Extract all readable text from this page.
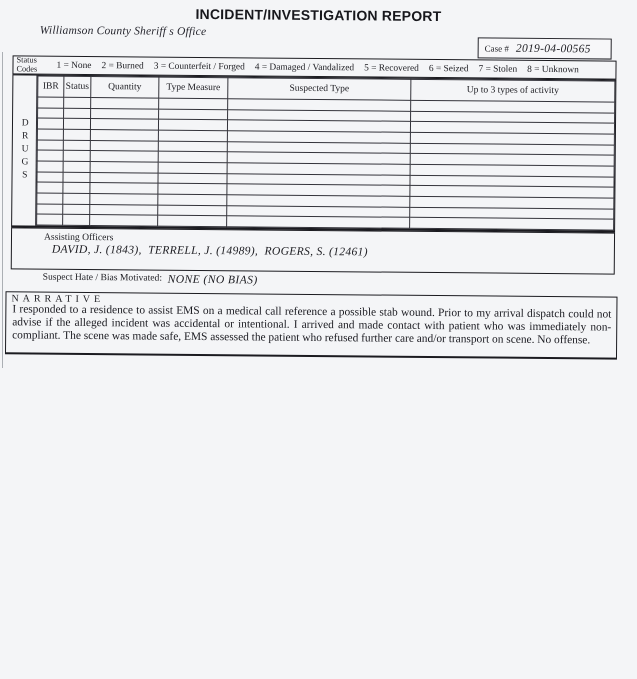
INCIDENT/INVESTIGATION REPORT
Williamson County Sheriff s Office
Case # 2019-04-00565
Status
Codes	1 = None 2 = Burned 3 = Counterfeit / Forged 4 = Damaged / Vandalized 5 = Recovered 6 = Seized 7 = Stolen 8 = Unknown
DRUGS
IBR	Status	Quantity	Type Measure	Suspected Type	Up to 3 types of activity

Assisting Officers
DAVID, J. (1843),  TERRELL, J. (14989),  ROGERS, S. (12461)
Suspect Hate / Bias Motivated: NONE (NO BIAS)
NARRATIVE
I responded to a residence to assist EMS on a medical call reference a possible stab wound. Prior to my arrival dispatch could not advise if the alleged incident was accidental or intentional. I arrived and made contact with patient who was immediately non-compliant. The scene was made safe, EMS assessed the patient who refused further care and/or transport on scene. No offense.
